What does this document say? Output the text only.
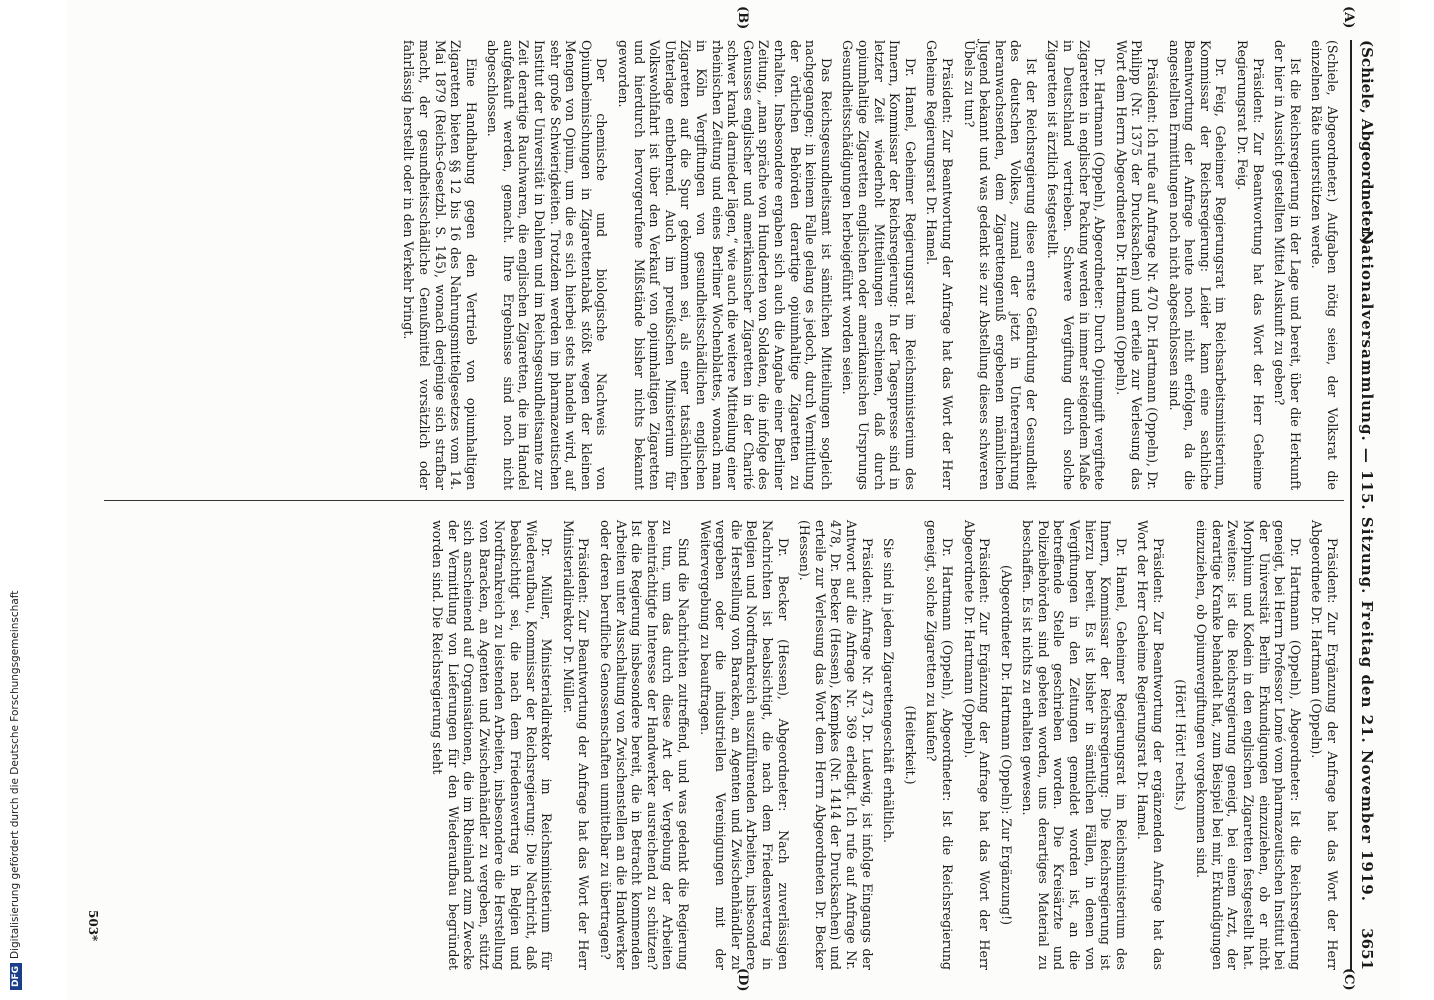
DFGDigitalisierung gefördert durch die Deutsche Forschungsgemeinschaft
(Schiele, Abgeordneter.)
Nationalversammlung. — 115. Sitzung. Freitag den 21. November 1919.
3651
(A)
(B)
(C)
(D)

(Schiele, Abgeordneter.) Aufgaben nötig seien, der Volksrat die einzelnen Räte unterstützen werde.

Ist die Reichsregierung in der Lage und bereit, über die Herkunft der hier in Aussicht gestellten Mittel Auskunft zu geben?

Präsident: Zur Beantwortung hat das Wort der Herr Geheime Regierungsrat Dr. Feig.

Dr. Feig, Geheimer Regierungsrat im Reichsarbeitsministerium, Kommissar der Reichsregierung: Leider kann eine sachliche Beantwortung der Anfrage heute noch nicht erfolgen, da die angestellten Ermittlungen noch nicht abgeschlossen sind.

Präsident: Ich rufe auf Anfrage Nr. 470 Dr. Hartmann (Oppeln), Dr. Philipp (Nr. 1375 der Drucksachen) und erteile zur Verlesung das Wort dem Herrn Abgeordneten Dr. Hartmann (Oppeln).

Dr. Hartmann (Oppeln), Abgeordneter: Durch Opiumgift vergiftete Zigaretten in englischer Packung werden in immer steigendem Maße in Deutschland vertrieben. Schwere Vergiftung durch solche Zigaretten ist ärztlich festgestellt.

Ist der Reichsregierung diese ernste Gefährdung der Gesundheit des deutschen Volkes, zumal der jetzt in Unterernährung heranwachsenden, dem Zigarettengenuß ergebenen männlichen Jugend bekannt und was gedenkt sie zur Abstellung dieses schweren Übels zu tun?

Präsident: Zur Beantwortung der Anfrage hat das Wort der Herr Geheime Regierungsrat Dr. Hamel.

Dr. Hamel, Geheimer Regierungsrat im Reichsministerium des Innern, Kommissar der Reichsregierung: In der Tagespresse sind in letzter Zeit wiederholt Mitteilungen erschienen, daß durch opiumhaltige Zigaretten englischen oder amerikanischen Ursprungs Gesundheitsschädigungen herbeigeführt worden seien.

Das Reichsgesundheitsamt ist sämtlichen Mitteilungen sogleich nachgegangen; in keinem Falle gelang es jedoch, durch Vermittlung der örtlichen Behörden derartige opiumhaltige Zigaretten zu erhalten. Insbesondere ergaben sich auch die Angabe einer Berliner Zeitung, „man spräche von Hunderten von Soldaten, die infolge des Genusses englischer und amerikanischer Zigaretten in der Charité schwer krank darnieder lägen,“ wie auch die weitere Mitteilung einer rheinischen Zeitung und eines Berliner Wochenblattes, wonach man in Köln Vergiftungen von gesundheitsschädlichen englischen Zigaretten auf die Spur gekommen sei, als einer tatsächlichen Unterlage entbehrend. Auch im preußischen Ministerium für Volkswohlfahrt ist über den Verkauf von opiumhaltigen Zigaretten und hierdurch hervorgerufene Mißstände bisher nichts bekannt geworden.

Der chemische und biologische Nachweis von Opiumbeimischungen in Zigarettentabak stößt wegen der kleinen Mengen von Opium, um die es sich hierbei stets handeln wird, auf sehr große Schwierigkeiten. Trotzdem werden im pharmazeutischen Institut der Universität in Dahlem und im Reichsgesundheitsamte zur Zeit derartige Rauchwaren, die englischen Zigaretten, die im Handel aufgekauft werden, gemacht. Ihre Ergebnisse sind noch nicht abgeschlossen.

Eine Handhabung gegen den Vertrieb von opiumhaltigen Zigaretten bieten §§ 12 bis 16 des Nahrungsmittelgesetzes vom 14. Mai 1879 (Reichs-Gesetzbl. S. 145), wonach derjenige sich strafbar macht, der gesundheitsschädliche Genußmittel vorsätzlich oder fahrlässig herstellt oder in den Verkehr bringt.

Präsident: Zur Ergänzung der Anfrage hat das Wort der Herr Abgeordnete Dr. Hartmann (Oppeln).

Dr. Hartmann (Oppeln), Abgeordneter: Ist die Reichsregierung geneigt, bei Herrn Professor Lomé vom pharmazeutischen Institut bei der Universität Berlin Erkundigungen einzuziehen, ob er nicht Morphium und Kodein in den englischen Zigaretten festgestellt hat. Zweitens: ist die Reichsregierung geneigt, bei einem Arzt, der derartige Kranke behandelt hat, zum Beispiel bei mir, Erkundigungen einzuziehen, ob Opiumvergiftungen vorgekommen sind.

(Hört! Hört! rechts.)

Präsident: Zur Beantwortung der ergänzenden Anfrage hat das Wort der Herr Geheime Regierungsrat Dr. Hamel.

Dr. Hamel, Geheimer Regierungsrat im Reichsministerium des Innern, Kommissar der Reichsregierung: Die Reichsregierung ist hierzu bereit. Es ist bisher in sämtlichen Fällen, in denen von Vergiftungen in den Zeitungen gemeldet worden ist, an die betreffende Stelle geschrieben worden. Die Kreisärzte und Polizeibehörden sind gebeten worden, uns derartiges Material zu beschaffen. Es ist nichts zu erhalten gewesen.

(Abgeordneter Dr. Hartmann (Oppeln): Zur Ergänzung!)

Präsident: Zur Ergänzung der Anfrage hat das Wort der Herr Abgeordnete Dr. Hartmann (Oppeln).

Dr. Hartmann (Oppeln), Abgeordneter: Ist die Reichsregierung geneigt, solche Zigaretten zu kaufen?

(Heiterkeit.)

Sie sind in jedem Zigarettengeschäft erhältlich.

Präsident: Anfrage Nr. 473, Dr. Ludewig, ist infolge Eingangs der Antwort auf die Anfrage Nr. 369 erledigt. Ich rufe auf Anfrage Nr. 478, Dr. Becker (Hessen), Kempkes (Nr. 1414 der Drucksachen) und erteile zur Verlesung das Wort dem Herrn Abgeordneten Dr. Becker (Hessen).

Dr. Becker (Hessen), Abgeordneter: Nach zuverlässigen Nachrichten ist beabsichtigt, die nach dem Friedensvertrag in Belgien und Nordfrankreich auszuführenden Arbeiten, insbesondere die Herstellung von Baracken, an Agenten und Zwischenhändler zu vergeben oder die industriellen Vereinigungen mit der Weitervergebung zu beauftragen.

Sind die Nachrichten zutreffend, und was gedenkt die Regierung zu tun, um das durch diese Art der Vergebung der Arbeiten beeinträchtigte Interesse der Handwerker ausreichend zu schützen? Ist die Regierung insbesondere bereit, die in Betracht kommenden Arbeiten unter Ausschaltung von Zwischenstellen an die Handwerker oder deren berufliche Genossenschaften unmittelbar zu übertragen?

Präsident: Zur Beantwortung der Anfrage hat das Wort der Herr Ministerialdirektor Dr. Müller.

Dr. Müller, Ministerialdirektor im Reichsministerium für Wiederaufbau, Kommissar der Reichsregierung: Die Nachricht, daß beabsichtigt sei, die nach dem Friedensvertrag in Belgien und Nordfrankreich zu leistenden Arbeiten, insbesondere die Herstellung von Baracken, an Agenten und Zwischenhändler zu vergeben, stützt sich anscheinend auf Organisationen, die im Rheinland zum Zwecke der Vermittlung von Lieferungen für den Wiederaufbau begründet worden sind. Die Reichsregierung steht

503*
